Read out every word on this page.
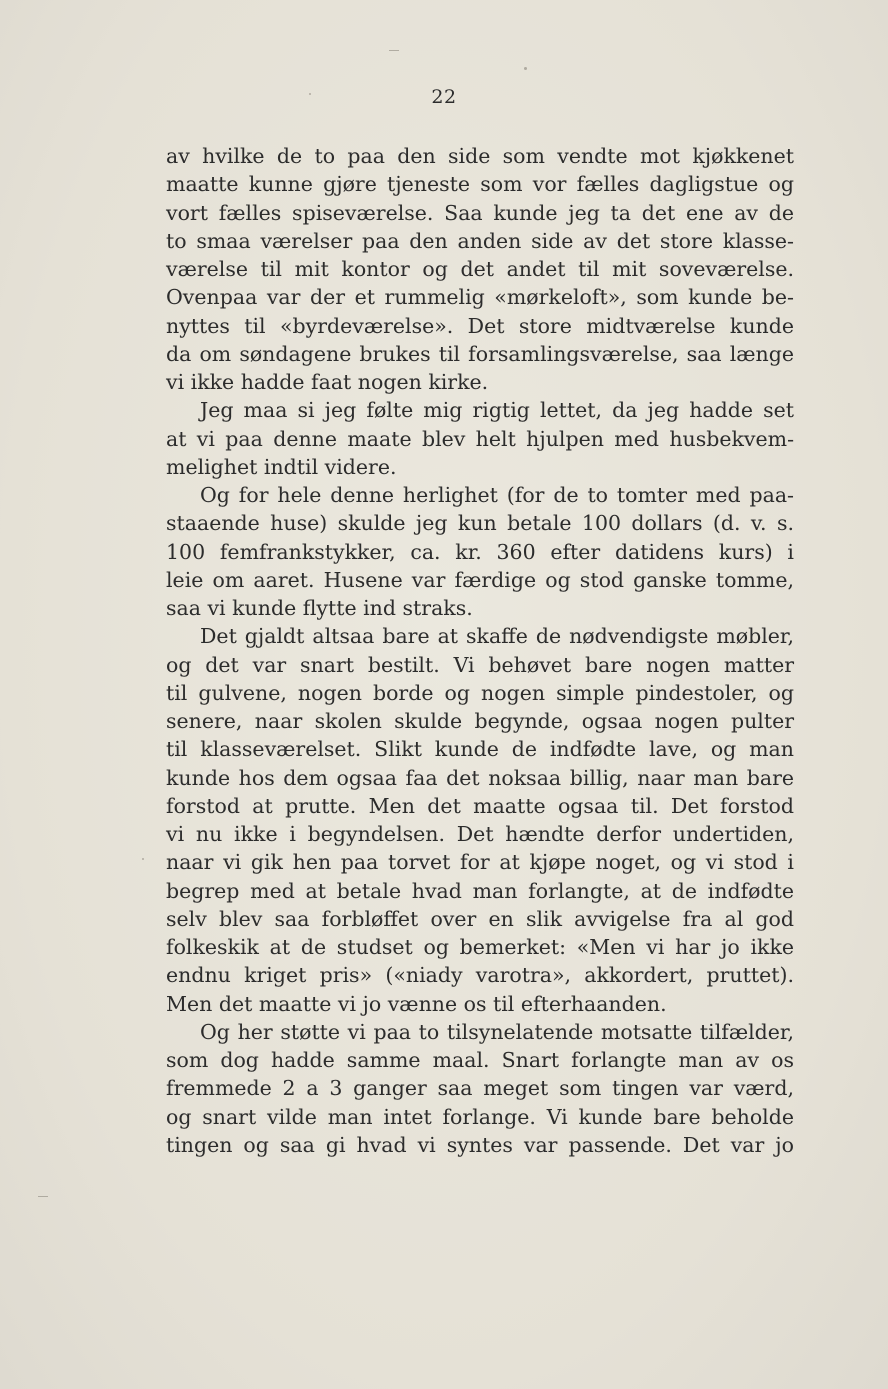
22
av hvilke de to paa den side som vendte mot kjøkkenet
maatte kunne gjøre tjeneste som vor fælles dagligstue og
vort fælles spiseværelse. Saa kunde jeg ta det ene av de
to smaa værelser paa den anden side av det store klasse-
værelse til mit kontor og det andet til mit soveværelse.
Ovenpaa var der et rummelig «mørkeloft», som kunde be-
nyttes til «byrdeværelse». Det store midtværelse kunde
da om søndagene brukes til forsamlingsværelse, saa længe
vi ikke hadde faat nogen kirke.
Jeg maa si jeg følte mig rigtig lettet, da jeg hadde set
at vi paa denne maate blev helt hjulpen med husbekvem-
melighet indtil videre.
Og for hele denne herlighet (for de to tomter med paa-
staaende huse) skulde jeg kun betale 100 dollars (d. v. s.
100 femfrankstykker, ca. kr. 360 efter datidens kurs) i
leie om aaret. Husene var færdige og stod ganske tomme,
saa vi kunde flytte ind straks.
Det gjaldt altsaa bare at skaffe de nødvendigste møbler,
og det var snart bestilt. Vi behøvet bare nogen matter
til gulvene, nogen borde og nogen simple pindestoler, og
senere, naar skolen skulde begynde, ogsaa nogen pulter
til klasseværelset. Slikt kunde de indfødte lave, og man
kunde hos dem ogsaa faa det noksaa billig, naar man bare
forstod at prutte. Men det maatte ogsaa til. Det forstod
vi nu ikke i begyndelsen. Det hændte derfor undertiden,
naar vi gik hen paa torvet for at kjøpe noget, og vi stod i
begrep med at betale hvad man forlangte, at de indfødte
selv blev saa forbløffet over en slik avvigelse fra al god
folkeskik at de studset og bemerket: «Men vi har jo ikke
endnu kriget pris» («niady varotra», akkordert, pruttet).
Men det maatte vi jo vænne os til efterhaanden.
Og her støtte vi paa to tilsynelatende motsatte tilfælder,
som dog hadde samme maal. Snart forlangte man av os
fremmede 2 a 3 ganger saa meget som tingen var værd,
og snart vilde man intet forlange. Vi kunde bare beholde
tingen og saa gi hvad vi syntes var passende. Det var jo
